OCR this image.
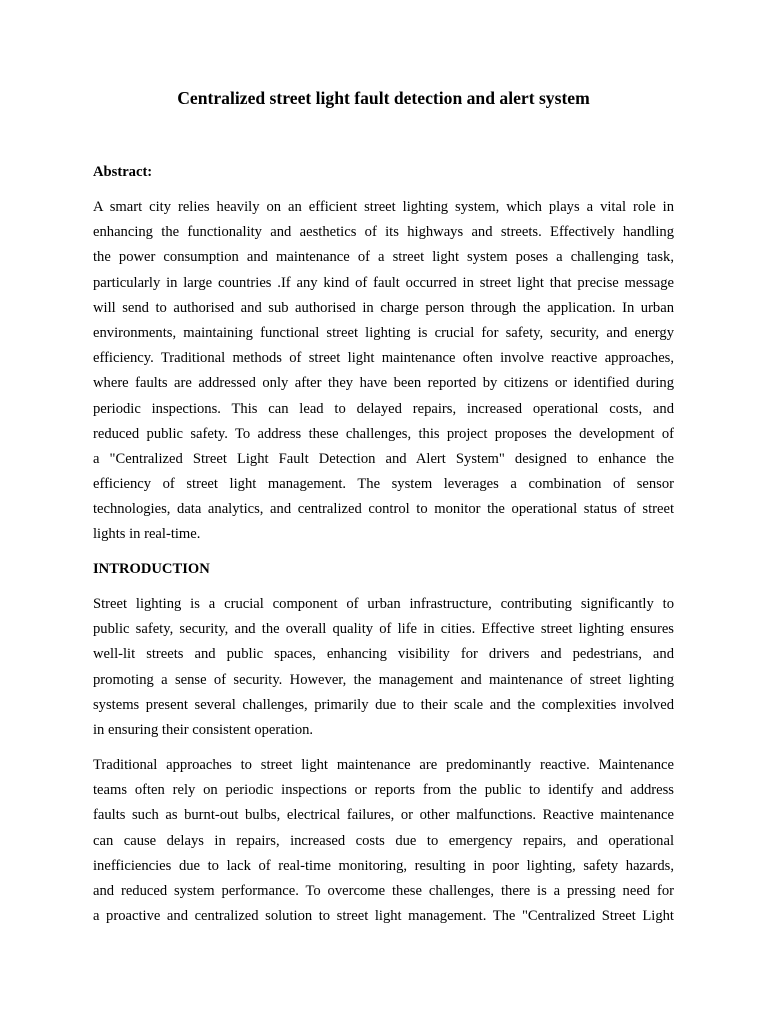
Centralized street light fault detection and alert system
Abstract:
A smart city relies heavily on an efficient street lighting system, which plays a vital role in
enhancing the functionality and aesthetics of its highways and streets. Effectively handling
the power consumption and maintenance of a street light system poses a challenging task,
particularly in large countries .If any kind of fault occurred in street light that precise message
will send to authorised and sub authorised in charge person through the application. In urban
environments, maintaining functional street lighting is crucial for safety, security, and energy
efficiency. Traditional methods of street light maintenance often involve reactive approaches,
where faults are addressed only after they have been reported by citizens or identified during
periodic inspections. This can lead to delayed repairs, increased operational costs, and
reduced public safety. To address these challenges, this project proposes the development of
a "Centralized Street Light Fault Detection and Alert System" designed to enhance the
efficiency of street light management. The system leverages a combination of sensor
technologies, data analytics, and centralized control to monitor the operational status of street
lights in real-time.
INTRODUCTION
Street lighting is a crucial component of urban infrastructure, contributing significantly to
public safety, security, and the overall quality of life in cities. Effective street lighting ensures
well-lit streets and public spaces, enhancing visibility for drivers and pedestrians, and
promoting a sense of security. However, the management and maintenance of street lighting
systems present several challenges, primarily due to their scale and the complexities involved
in ensuring their consistent operation.
Traditional approaches to street light maintenance are predominantly reactive. Maintenance
teams often rely on periodic inspections or reports from the public to identify and address
faults such as burnt-out bulbs, electrical failures, or other malfunctions. Reactive maintenance
can cause delays in repairs, increased costs due to emergency repairs, and operational
inefficiencies due to lack of real-time monitoring, resulting in poor lighting, safety hazards,
and reduced system performance. To overcome these challenges, there is a pressing need for
a proactive and centralized solution to street light management. The "Centralized Street Light
